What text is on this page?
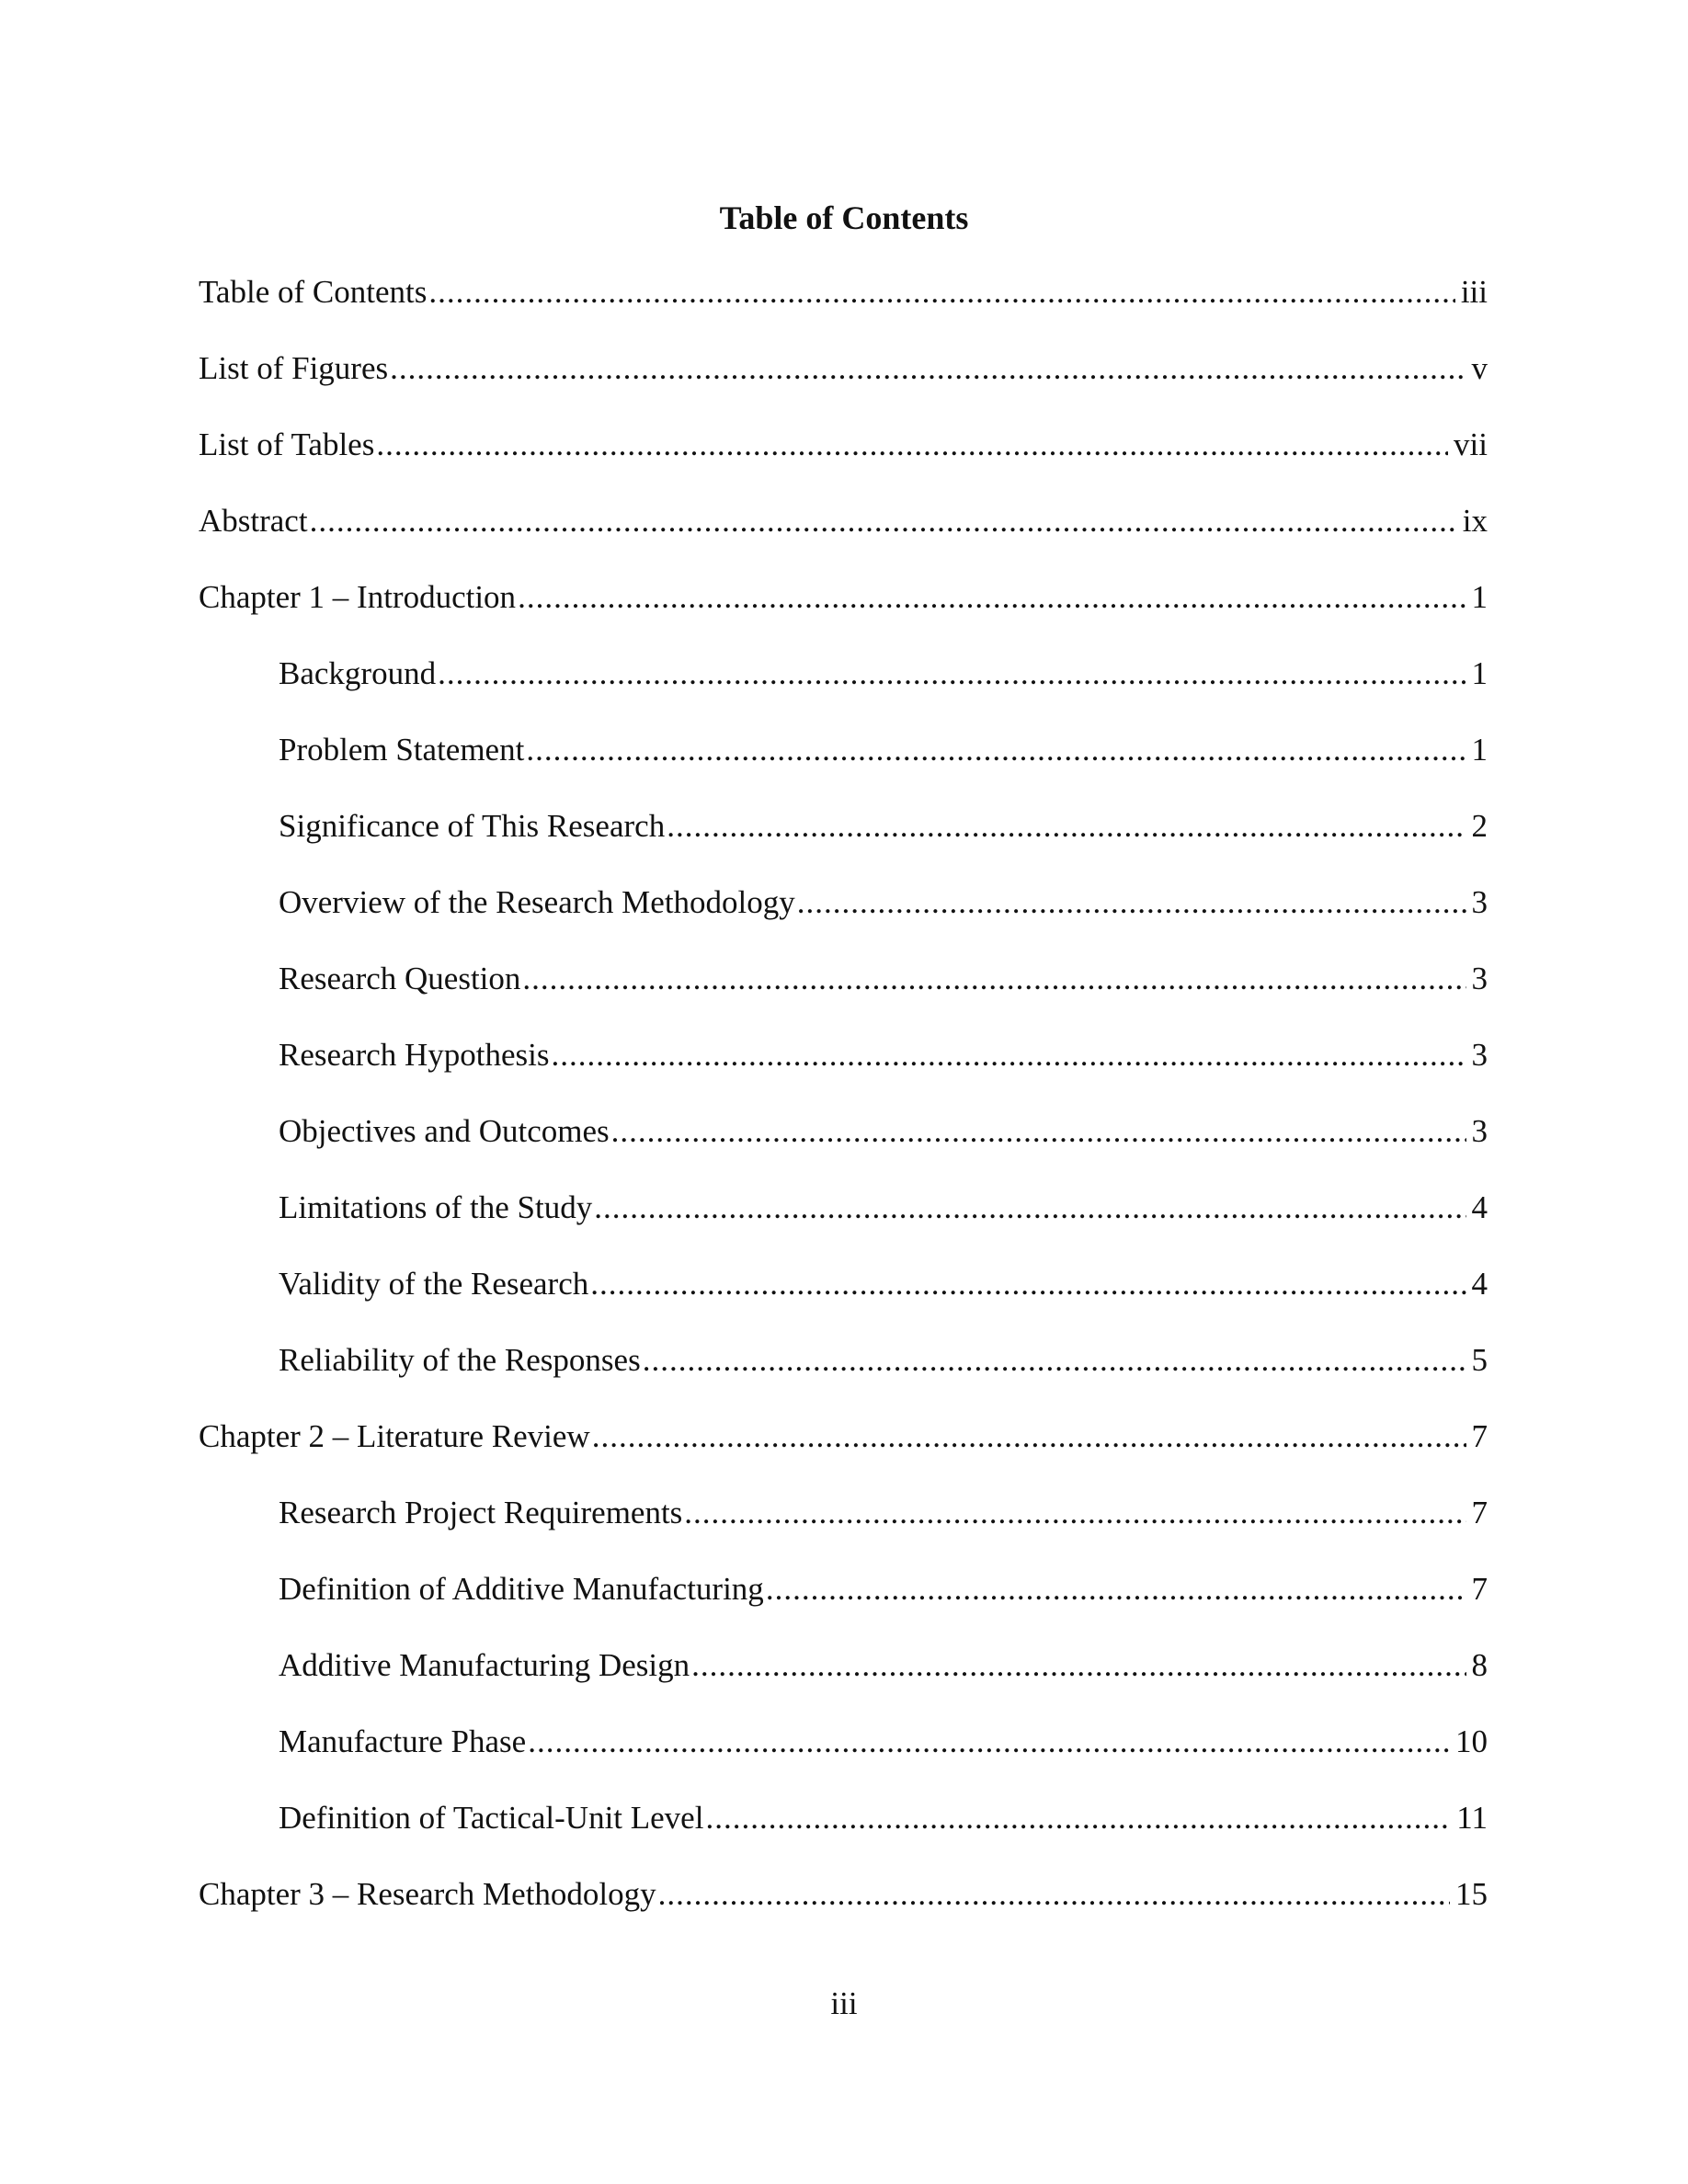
Table of Contents
Table of Contents .....	iii
List of Figures .....	v
List of Tables .....	vii
Abstract .....	ix
Chapter 1 – Introduction .....	1
Background .....	1
Problem Statement .....	1
Significance of This Research .....	2
Overview of the Research Methodology .....	3
Research Question .....	3
Research Hypothesis .....	3
Objectives and Outcomes .....	3
Limitations of the Study .....	4
Validity of the Research .....	4
Reliability of the Responses .....	5
Chapter 2 – Literature Review .....	7
Research Project Requirements .....	7
Definition of Additive Manufacturing .....	7
Additive Manufacturing Design .....	8
Manufacture Phase .....	10
Definition of Tactical-Unit Level .....	11
Chapter 3 – Research Methodology .....	15
iii
